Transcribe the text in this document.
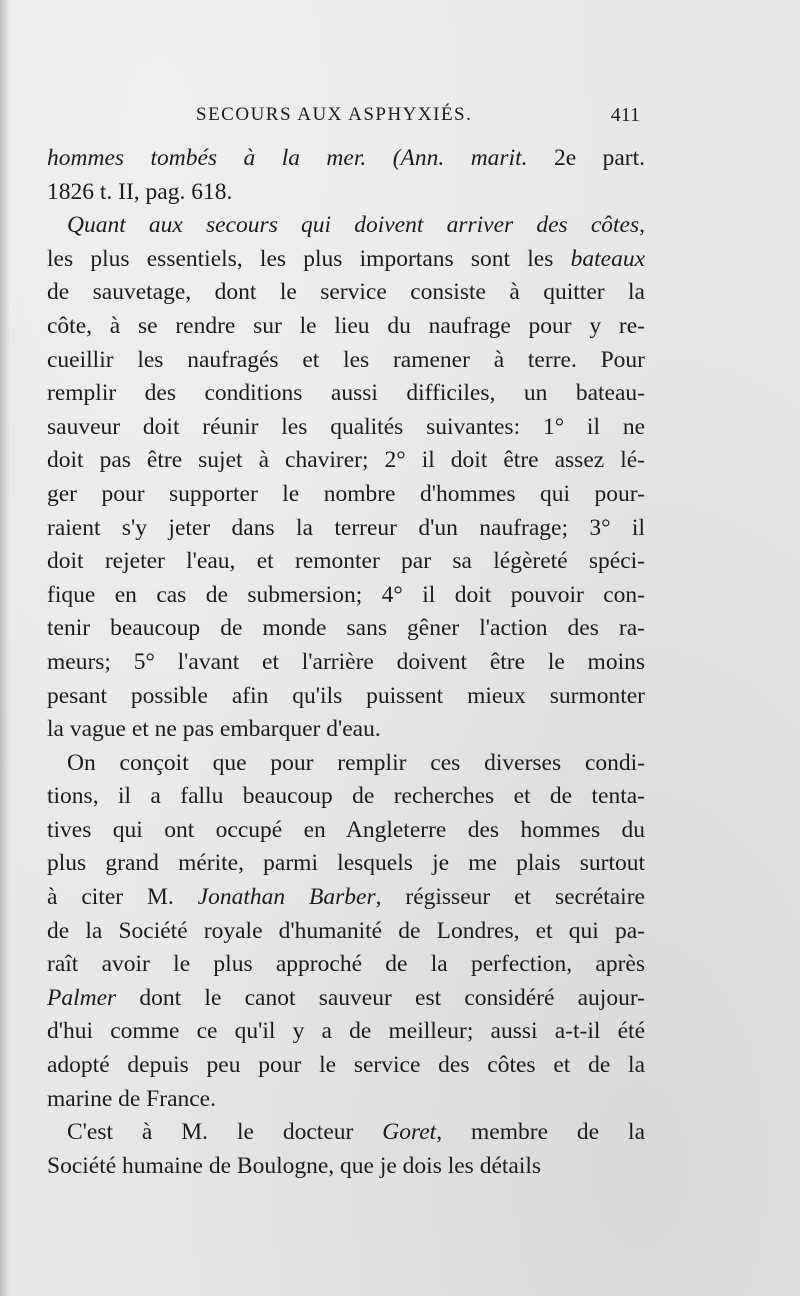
SECOURS AUX ASPHYXIÉS.	411
hommes tombés à la mer. (Ann. marit. 2e part.
1826 t. II, pag. 618.
Quant aux secours qui doivent arriver des côtes,
les plus essentiels, les plus importans sont les bateaux
de sauvetage, dont le service consiste à quitter la
côte, à se rendre sur le lieu du naufrage pour y re-
cueillir les naufragés et les ramener à terre. Pour
remplir des conditions aussi difficiles, un bateau-
sauveur doit réunir les qualités suivantes: 1° il ne
doit pas être sujet à chavirer; 2° il doit être assez lé-
ger pour supporter le nombre d'hommes qui pour-
raient s'y jeter dans la terreur d'un naufrage; 3° il
doit rejeter l'eau, et remonter par sa légèreté spéci-
fique en cas de submersion; 4° il doit pouvoir con-
tenir beaucoup de monde sans gêner l'action des ra-
meurs; 5° l'avant et l'arrière doivent être le moins
pesant possible afin qu'ils puissent mieux surmonter
la vague et ne pas embarquer d'eau.
On conçoit que pour remplir ces diverses condi-
tions, il a fallu beaucoup de recherches et de tenta-
tives qui ont occupé en Angleterre des hommes du
plus grand mérite, parmi lesquels je me plais surtout
à citer M. Jonathan Barber, régisseur et secrétaire
de la Société royale d'humanité de Londres, et qui pa-
raît avoir le plus approché de la perfection, après
Palmer dont le canot sauveur est considéré aujour-
d'hui comme ce qu'il y a de meilleur; aussi a-t-il été
adopté depuis peu pour le service des côtes et de la
marine de France.
C'est à M. le docteur Goret, membre de la
Société humaine de Boulogne, que je dois les détails
